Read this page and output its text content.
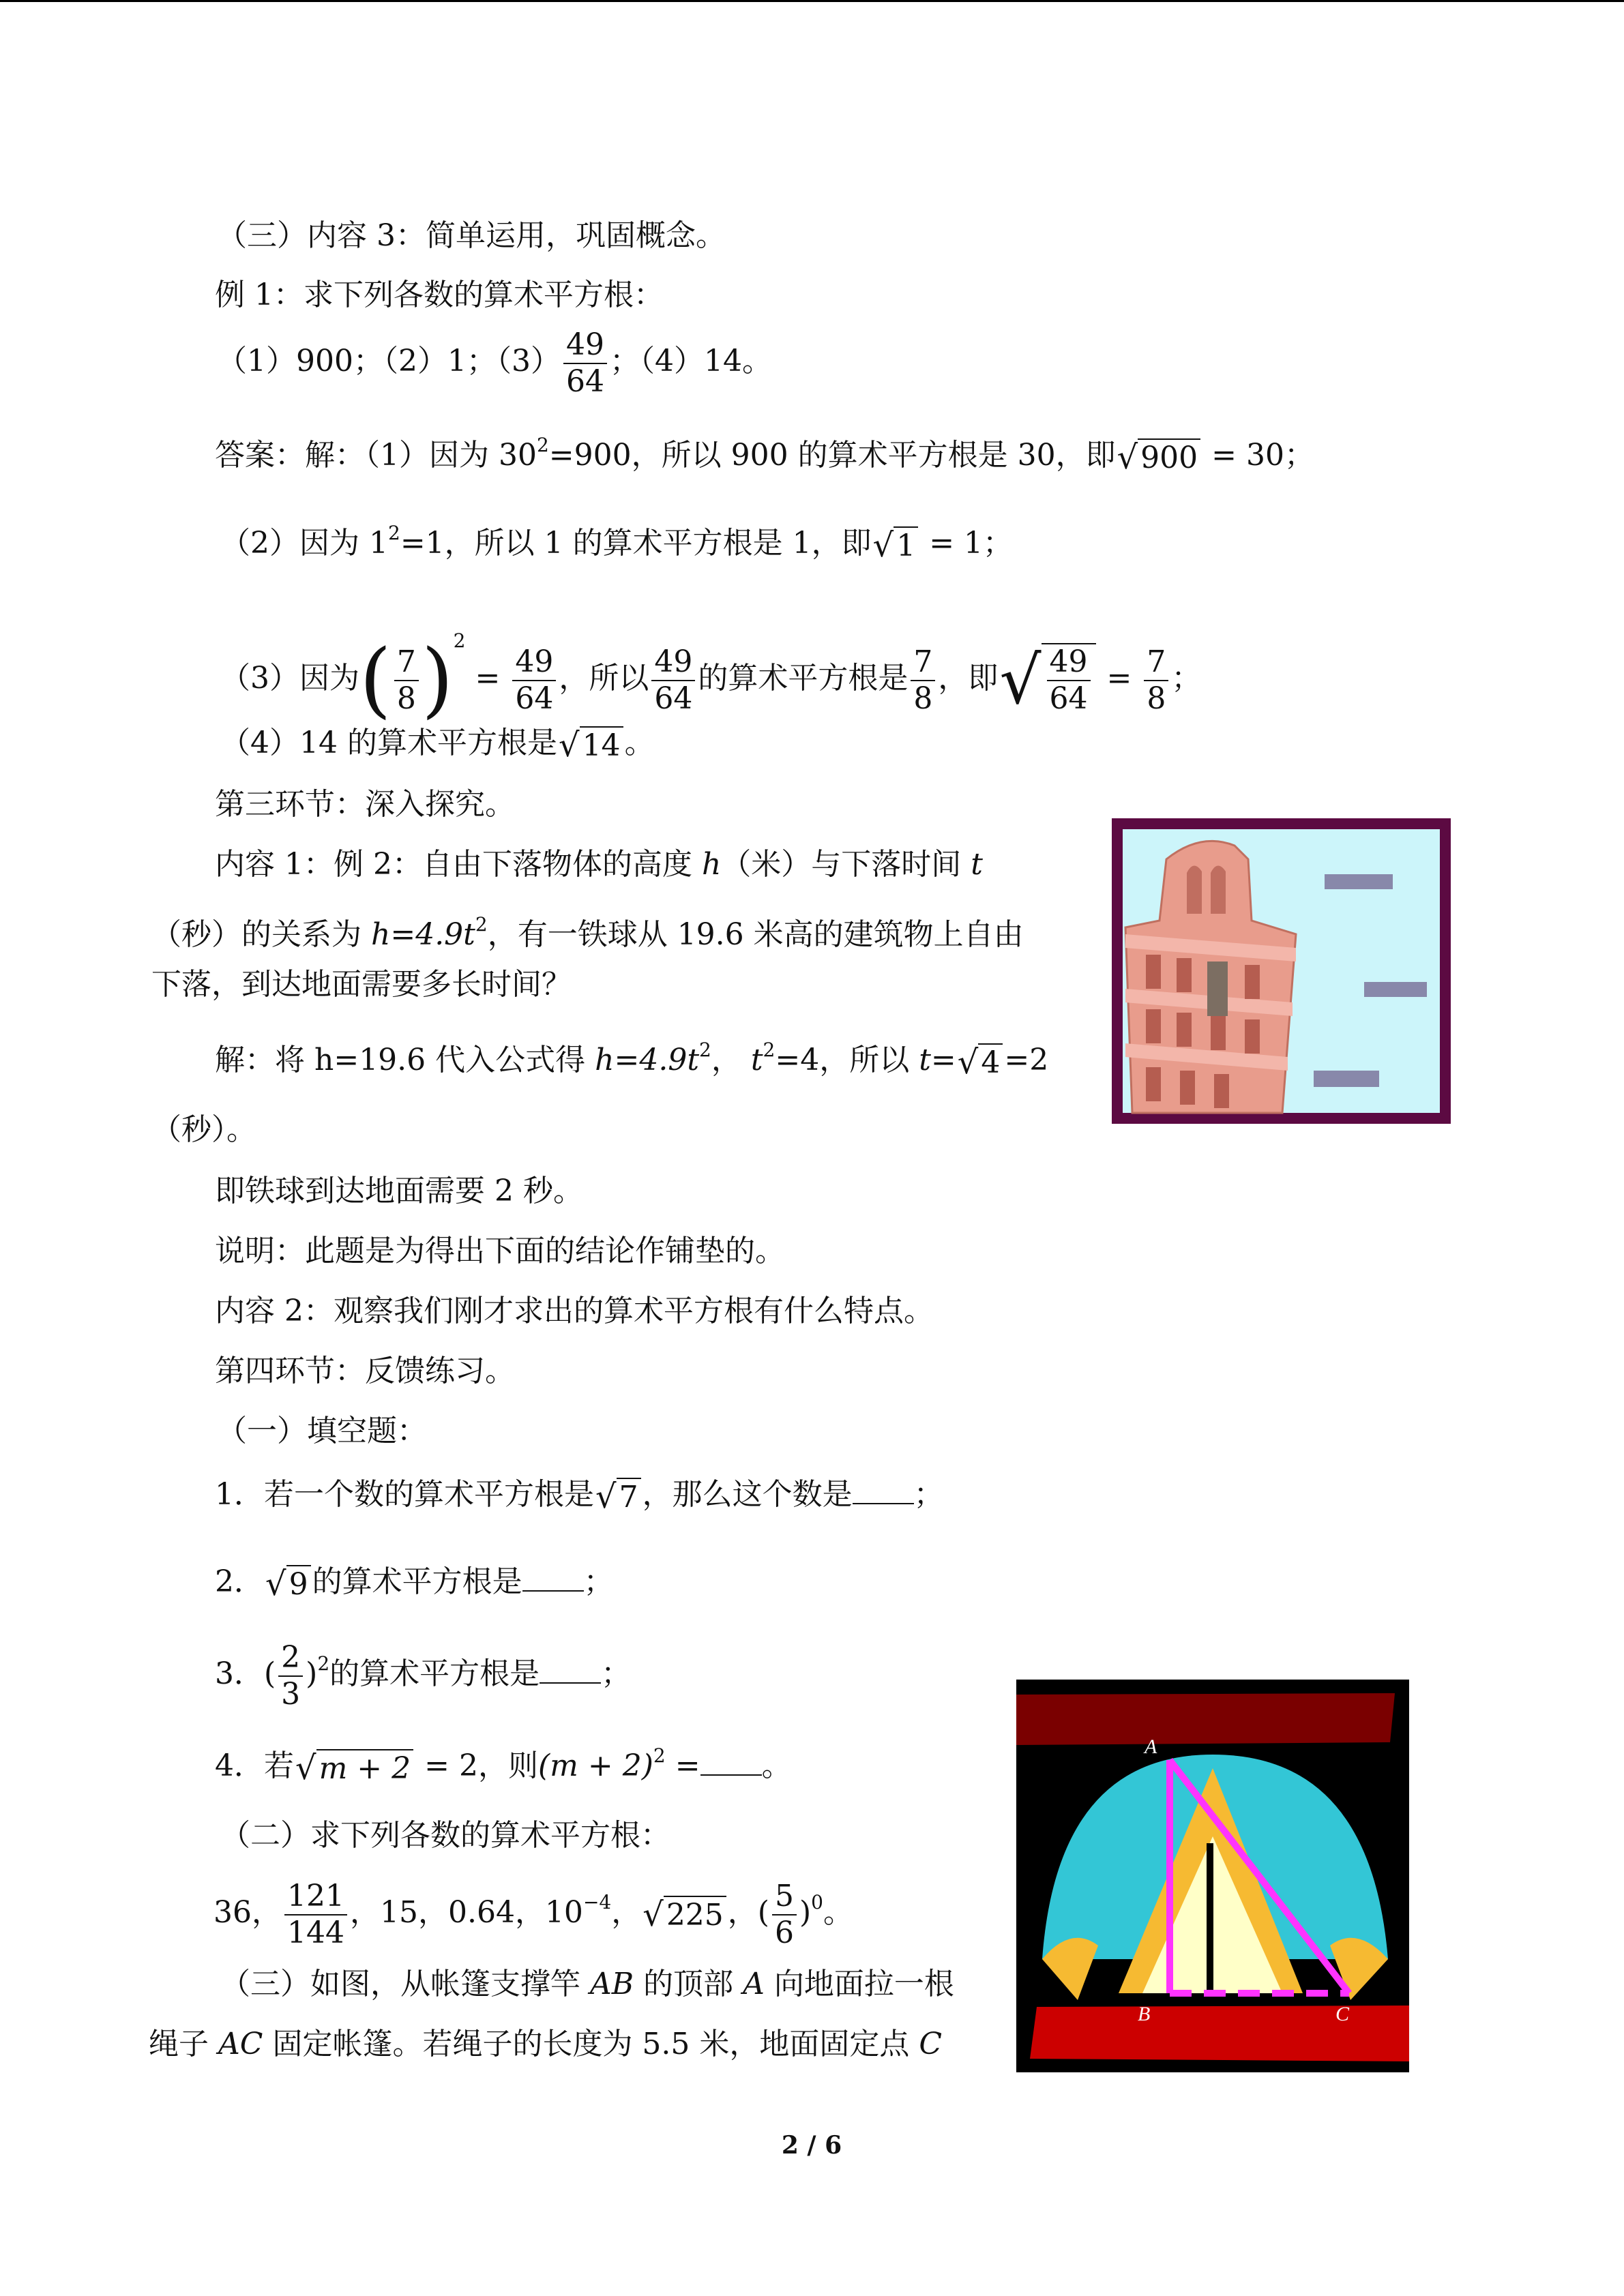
（三）内容 3：简单运用，巩固概念。
例 1：求下列各数的算术平方根：
（1）900；（2）1；$(3) \frac{49}{64}$ ；（4）14。
答案：解：（1）因为 $30^2=900$，所以 900 的算术平方根是 30，即 √ 900 = 30；
（2）因为 $1^2=1$，所以 1 的算术平方根是 1，即 √ 1 = 1；
（3）因为( $\frac{7}{8} )^2 = \frac{49}{64}$ ，所以 $\frac{49}{64}$ 的算术平方根是 $\frac{7}{8}$ ，即 √ $\frac{49}{64} = \frac{7}{8}$ ；
（4）14 的算术平方根是 √ 14 。
第三环节：深入探究。
内容 1：例 2：自由下落物体的高度 h（米）与下落时间 t
（秒）的关系为 $h=4.9t^2$，有一铁球从 19.6 米高的建筑物上自由
下落，到达地面需要多长时间？
解：将 h=19.6 代入公式得 $h=4.9t^2$， $t^2=4$，所以 t= √ 4 =2
（秒）。
即铁球到达地面需要 2 秒。
说明：此题是为得出下面的结论作铺垫的。
内容 2：观察我们刚才求出的算术平方根有什么特点。
第四环节：反馈练习。
（一）填空题：
1．若一个数的算术平方根是 √ 7 ，那么这个数是 ；
2． √ 9 的算术平方根是 ；
3．( $\frac{2}{3} )^2$的算术平方根是 ；
4．若 √ m + 2 = 2，则$(m + 2)^2$ = 。
（二）求下列各数的算术平方根：
36， $\frac{121}{144}$ ，15，0.64，$10^{-4}$， √ 225 ，( $\frac{5}{6} )^0$。
（三）如图，从帐篷支撑竿 AB 的顶部 A 向地面拉一根
绳子 AC 固定帐篷。若绳子的长度为 5.5 米，地面固定点 C
A
B	C
2 / 6
